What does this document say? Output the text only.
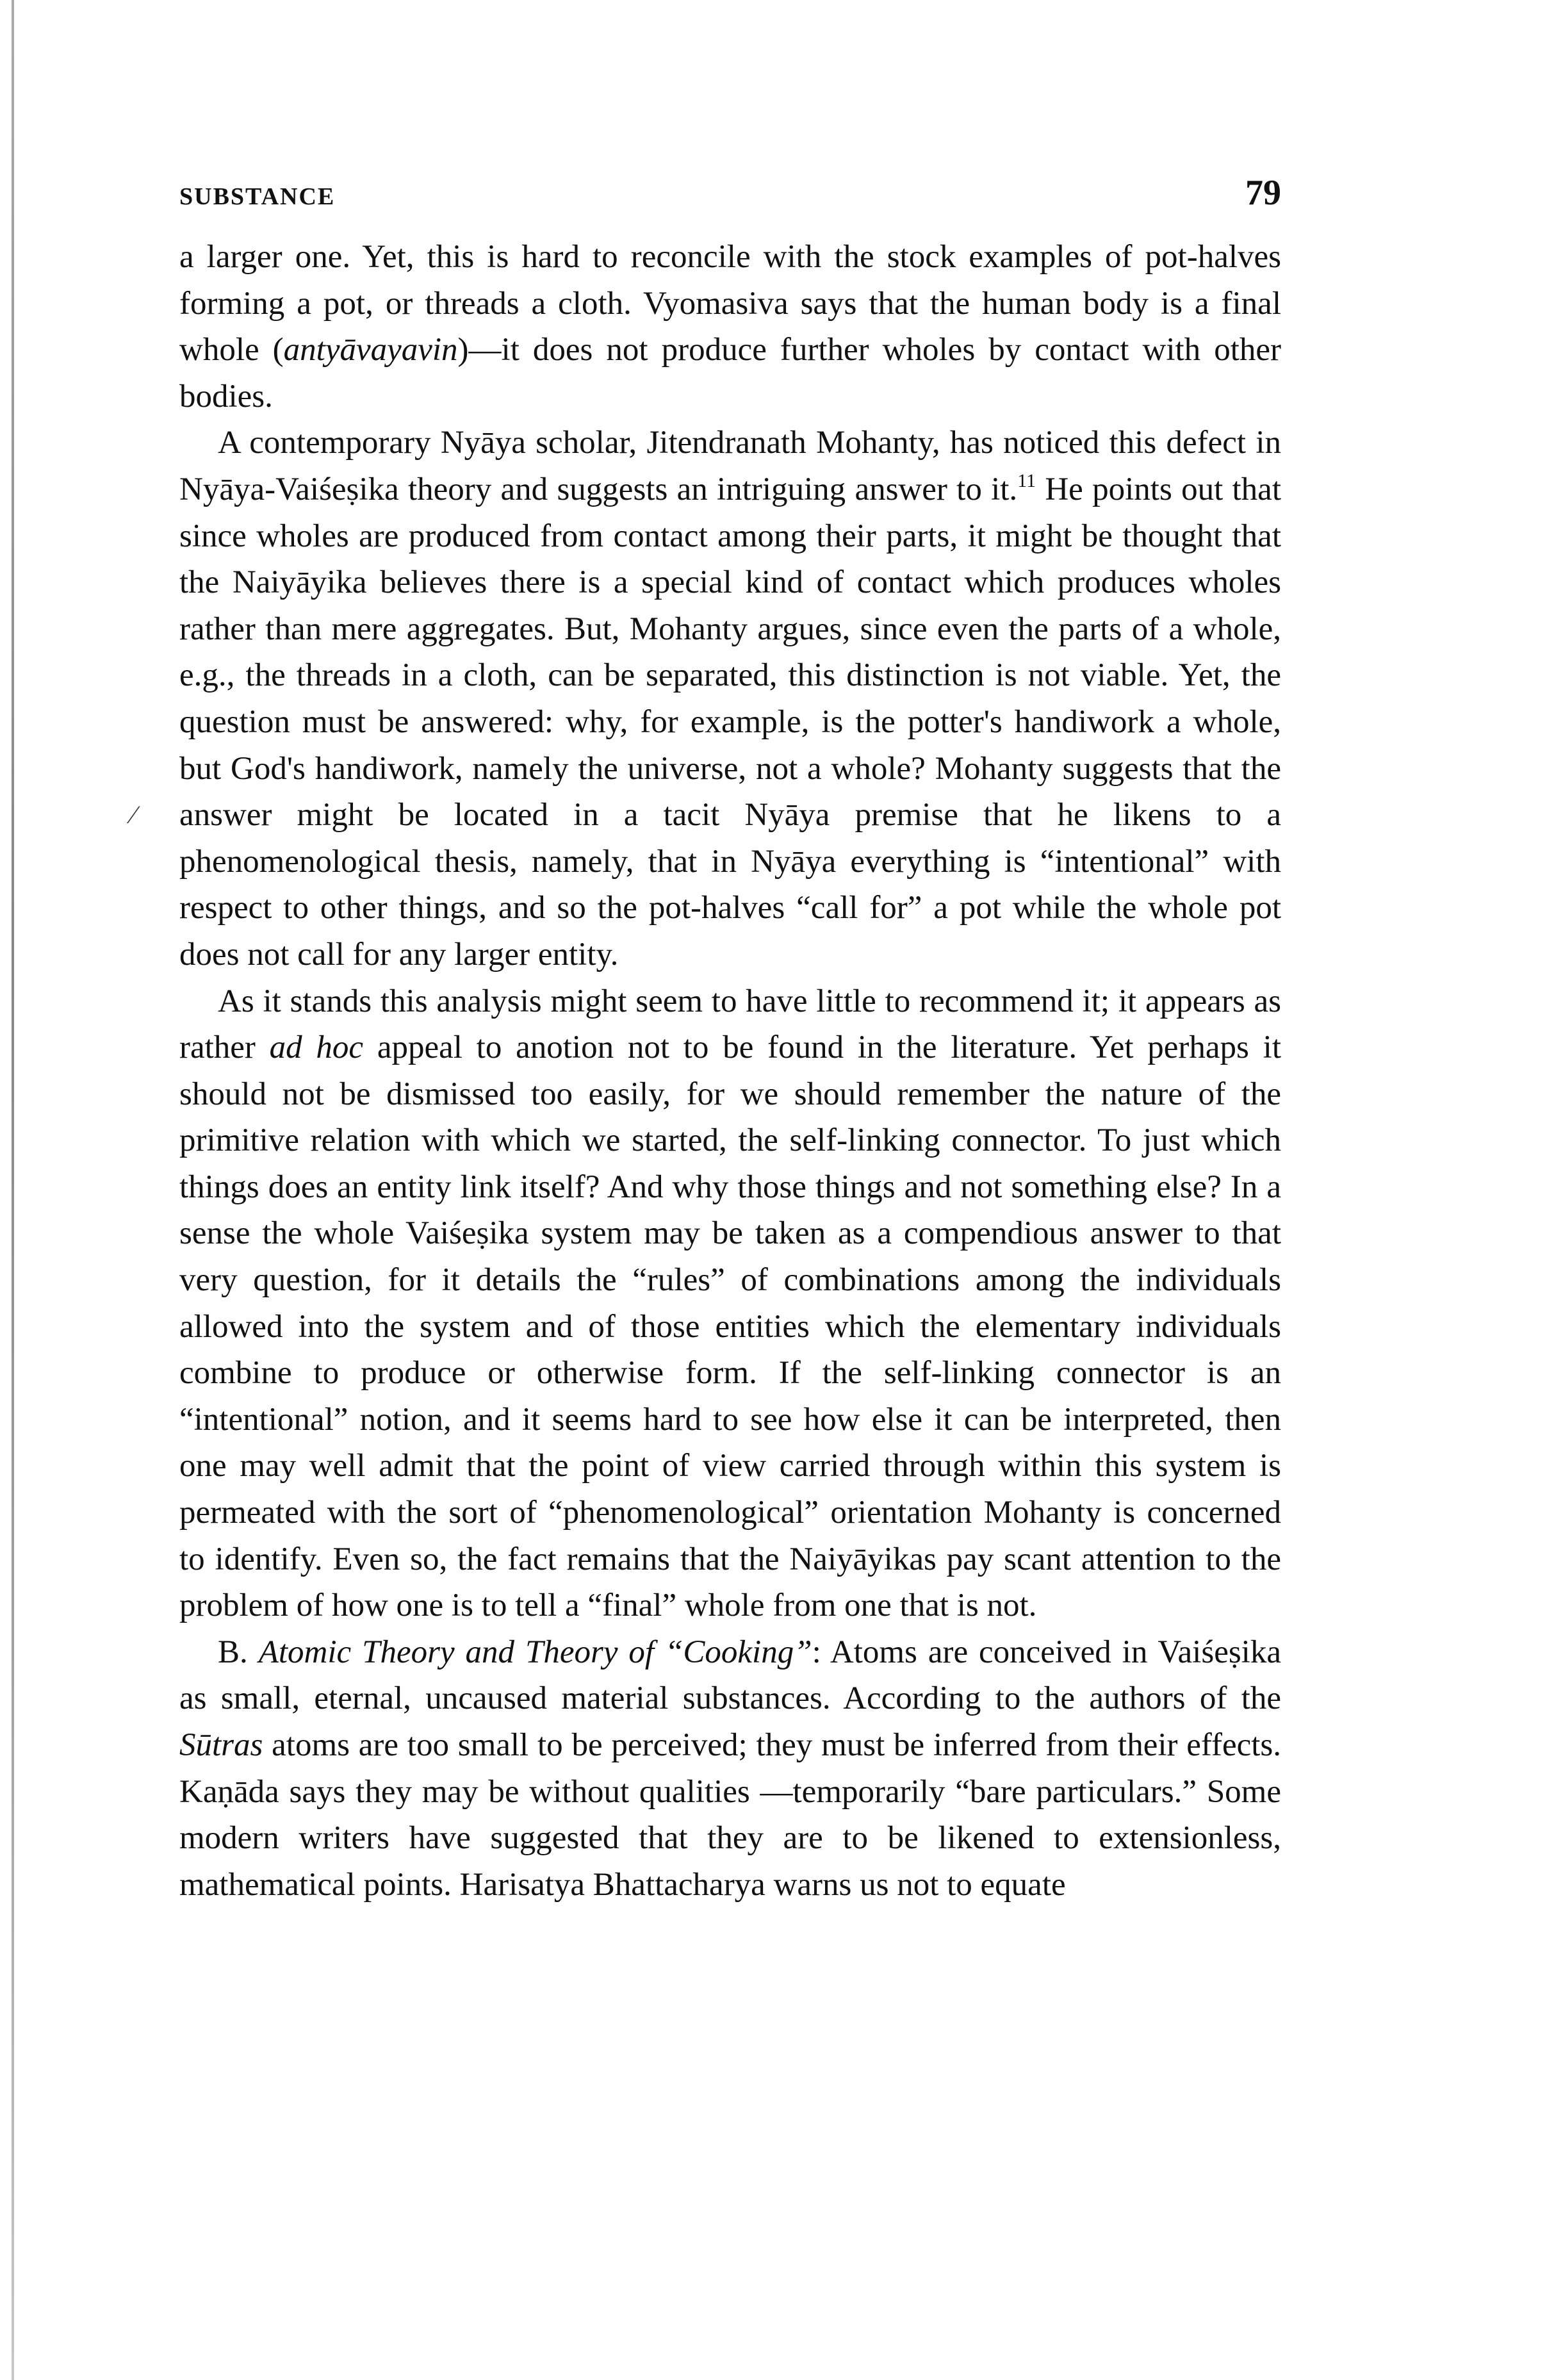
SUBSTANCE	79

a larger one. Yet, this is hard to reconcile with the stock examples of pot-halves forming a pot, or threads a cloth. Vyomasiva says that the human body is a final whole (antyāvayavin)—it does not produce further wholes by contact with other bodies.

A contemporary Nyāya scholar, Jitendranath Mohanty, has noticed this defect in Nyāya-Vaiśeṣika theory and suggests an intriguing answer to it.$^{11}$ He points out that since wholes are produced from contact among their parts, it might be thought that the Naiyāyika believes there is a special kind of contact which produces wholes rather than mere aggregates. But, Mohanty argues, since even the parts of a whole, e.g., the threads in a cloth, can be separated, this distinction is not viable. Yet, the question must be answered: why, for example, is the potter's handiwork a whole, but God's handiwork, namely the universe, not a whole? Mohanty suggests that the answer might be located in a tacit Nyāya premise that he likens to a phenomenological thesis, namely, that in Nyāya everything is “intentional” with respect to other things, and so the pot-halves “call for” a pot while the whole pot does not call for any larger entity.

As it stands this analysis might seem to have little to recommend it; it appears as rather ad hoc appeal to anotion not to be found in the literature. Yet perhaps it should not be dismissed too easily, for we should remember the nature of the primitive relation with which we started, the self-linking connector. To just which things does an entity link itself? And why those things and not something else? In a sense the whole Vaiśeṣika system may be taken as a compendious answer to that very question, for it details the “rules” of combinations among the individuals allowed into the system and of those entities which the elementary individuals combine to produce or otherwise form. If the self-linking connector is an “intentional” notion, and it seems hard to see how else it can be interpreted, then one may well admit that the point of view carried through within this system is permeated with the sort of “phenomenological” orientation Mohanty is concerned to identify. Even so, the fact remains that the Naiyāyikas pay scant attention to the problem of how one is to tell a “final” whole from one that is not.

B. Atomic Theory and Theory of “Cooking”: Atoms are conceived in Vaiśeṣika as small, eternal, uncaused material substances. According to the authors of the Sūtras atoms are too small to be perceived; they must be inferred from their effects. Kaṇāda says they may be without qualities —temporarily “bare particulars.” Some modern writers have suggested that they are to be likened to extensionless, mathematical points. Harisatya Bhattacharya warns us not to equate

⁄
